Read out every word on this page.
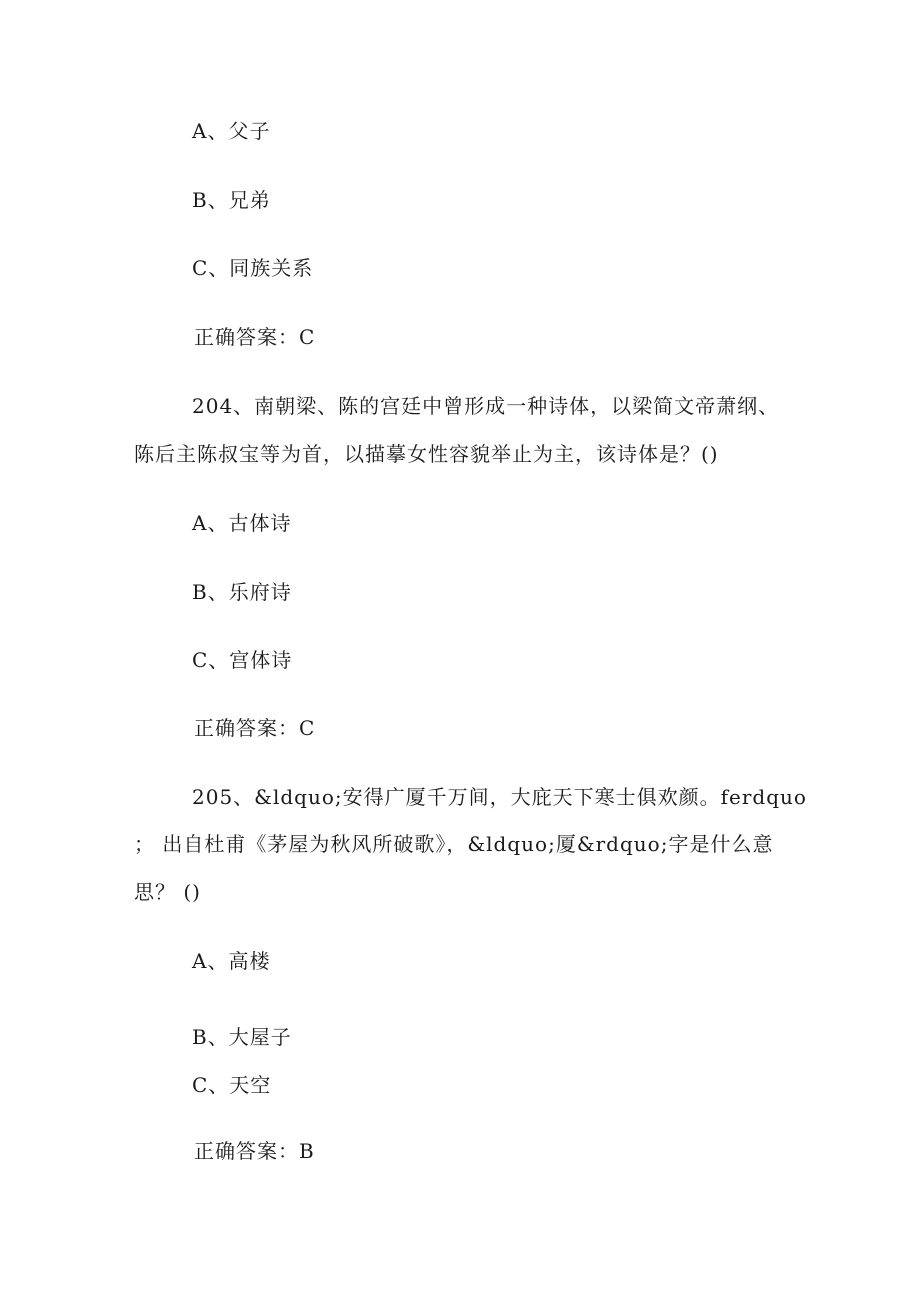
A、父子
B、兄弟
C、同族关系
正确答案：C
204、南朝梁、陈的宫廷中曾形成一种诗体，以梁简文帝萧纲、
陈后主陈叔宝等为首，以描摹女性容貌举止为主，该诗体是？()
A、古体诗
B、乐府诗
C、宫体诗
正确答案：C
205、&ldquo;安得广厦千万间，大庇天下寒士俱欢颜。ferdquo
； 出自杜甫《茅屋为秋风所破歌》，&ldquo;厦&rdquo;字是什么意
思？ ()
A、高楼
B、大屋子
C、天空
正确答案：B
